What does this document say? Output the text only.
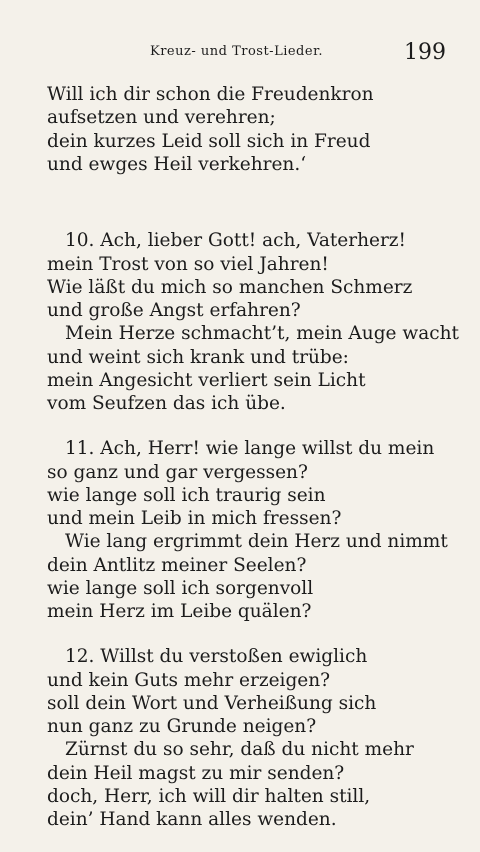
Kreuz- und Trost-Lieder.	199
Will ich dir schon die Freudenkron
aufsetzen und verehren;
dein kurzes Leid soll sich in Freud
und ewges Heil verkehren.‘
10. Ach, lieber Gott! ach, Vaterherz!
mein Trost von so viel Jahren!
Wie läßt du mich so manchen Schmerz
und große Angst erfahren?
Mein Herze schmacht’t, mein Auge wacht
und weint sich krank und trübe:
mein Angesicht verliert sein Licht
vom Seufzen das ich übe.
11. Ach, Herr! wie lange willst du mein
so ganz und gar vergessen?
wie lange soll ich traurig sein
und mein Leib in mich fressen?
Wie lang ergrimmt dein Herz und nimmt
dein Antlitz meiner Seelen?
wie lange soll ich sorgenvoll
mein Herz im Leibe quälen?
12. Willst du verstoßen ewiglich
und kein Guts mehr erzeigen?
soll dein Wort und Verheißung sich
nun ganz zu Grunde neigen?
Zürnst du so sehr, daß du nicht mehr
dein Heil magst zu mir senden?
doch, Herr, ich will dir halten still,
dein’ Hand kann alles wenden.
